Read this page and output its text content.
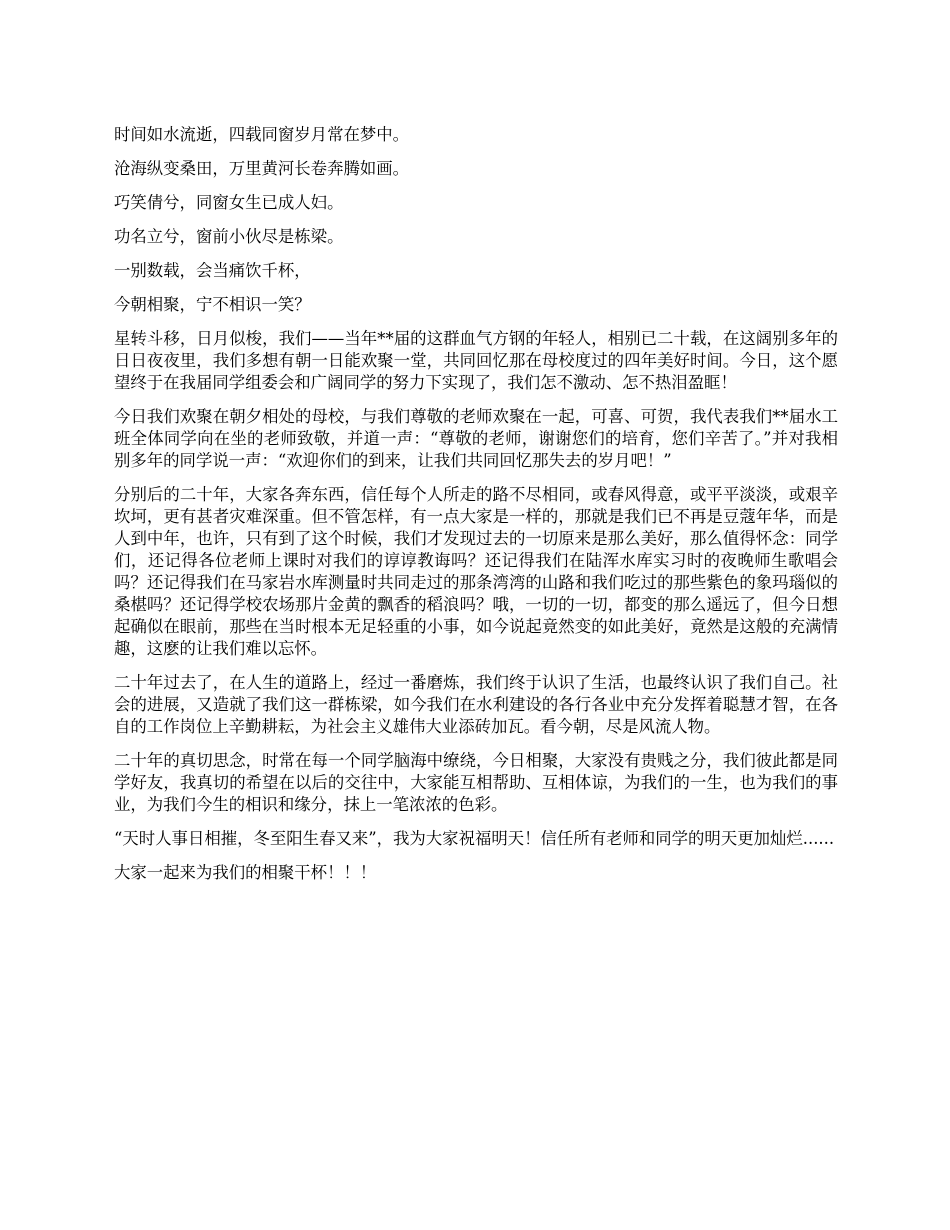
时间如水流逝，四载同窗岁月常在梦中。

沧海纵变桑田，万里黄河长卷奔腾如画。

巧笑倩兮，同窗女生已成人妇。

功名立兮，窗前小伙尽是栋梁。

一别数载，会当痛饮千杯，

今朝相聚，宁不相识一笑？

星转斗移，日月似梭，我们——当年**届的这群血气方钢的年轻人，相别已二十载，在这阔别多年的日日夜夜里，我们多想有朝一日能欢聚一堂，共同回忆那在母校度过的四年美好时间。今日，这个愿望终于在我届同学组委会和广阔同学的努力下实现了，我们怎不激动、怎不热泪盈眶！

今日我们欢聚在朝夕相处的母校，与我们尊敬的老师欢聚在一起，可喜、可贺，我代表我们**届水工班全体同学向在坐的老师致敬，并道一声：“尊敬的老师，谢谢您们的培育，您们辛苦了。”并对我相别多年的同学说一声：“欢迎你们的到来，让我们共同回忆那失去的岁月吧！”

分别后的二十年，大家各奔东西，信任每个人所走的路不尽相同，或春风得意，或平平淡淡，或艰辛坎坷，更有甚者灾难深重。但不管怎样，有一点大家是一样的，那就是我们已不再是豆蔻年华，而是人到中年，也许，只有到了这个时候，我们才发现过去的一切原来是那么美好，那么值得怀念：同学们，还记得各位老师上课时对我们的谆谆教诲吗？还记得我们在陆浑水库实习时的夜晚师生歌唱会吗？还记得我们在马家岩水库测量时共同走过的那条湾湾的山路和我们吃过的那些紫色的象玛瑙似的桑椹吗？还记得学校农场那片金黄的飘香的稻浪吗？哦，一切的一切，都变的那么遥远了，但今日想起确似在眼前，那些在当时根本无足轻重的小事，如今说起竟然变的如此美好，竟然是这般的充满情趣，这麽的让我们难以忘怀。

二十年过去了，在人生的道路上，经过一番磨炼，我们终于认识了生活，也最终认识了我们自己。社会的进展，又造就了我们这一群栋梁，如今我们在水利建设的各行各业中充分发挥着聪慧才智，在各自的工作岗位上辛勤耕耘，为社会主义雄伟大业添砖加瓦。看今朝，尽是风流人物。

二十年的真切思念，时常在每一个同学脑海中缭绕，今日相聚，大家没有贵贱之分，我们彼此都是同学好友，我真切的希望在以后的交往中，大家能互相帮助、互相体谅，为我们的一生，也为我们的事业，为我们今生的相识和缘分，抹上一笔浓浓的色彩。

“天时人事日相摧，冬至阳生春又来”，我为大家祝福明天！信任所有老师和同学的明天更加灿烂......

大家一起来为我们的相聚干杯！！！
